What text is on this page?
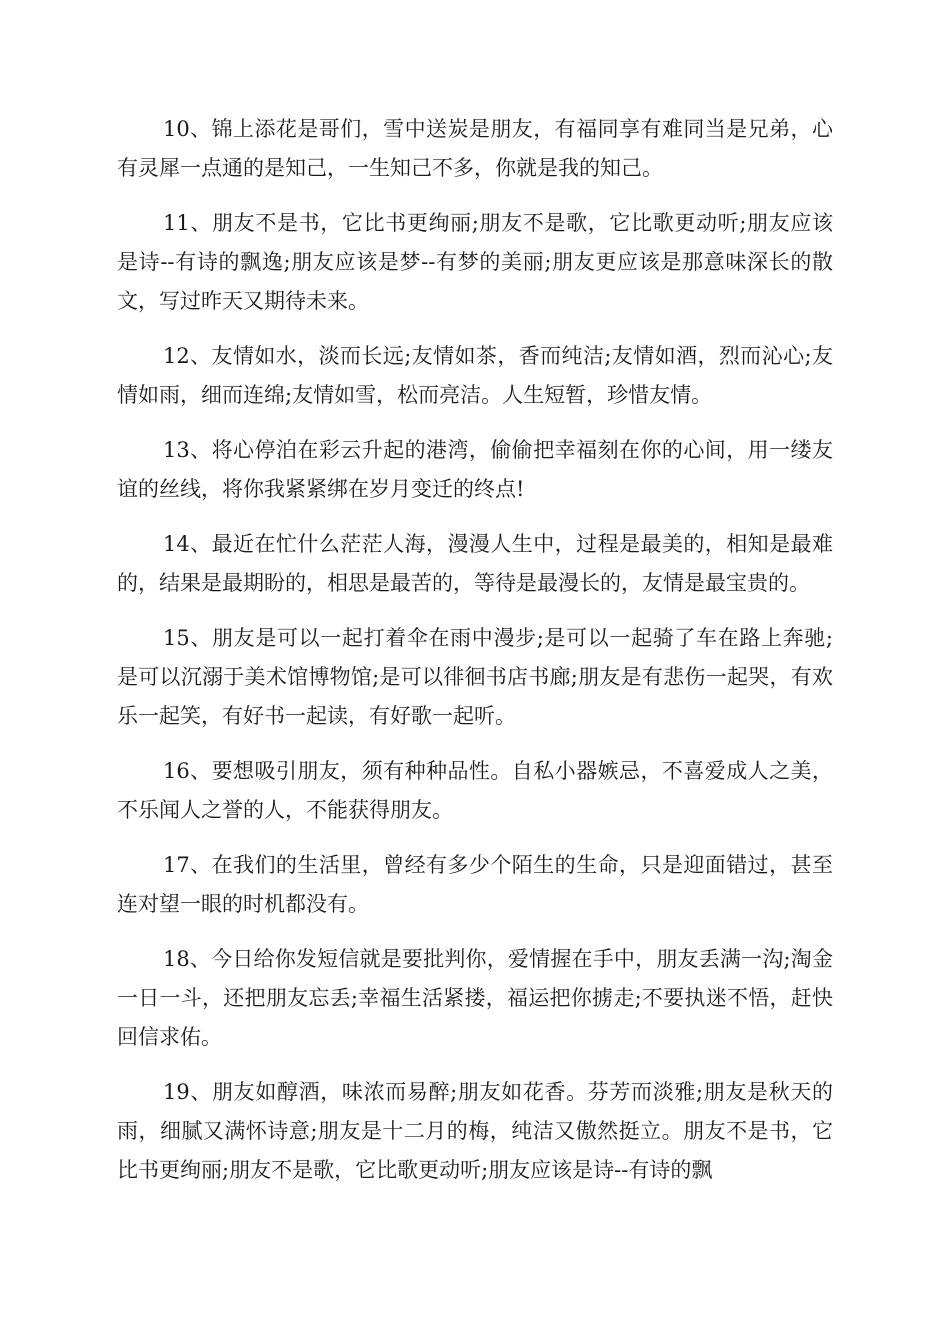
10、锦上添花是哥们，雪中送炭是朋友，有福同享有难同当是兄弟，心有灵犀一点通的是知己，一生知己不多，你就是我的知己。

11、朋友不是书，它比书更绚丽;朋友不是歌，它比歌更动听;朋友应该是诗--有诗的飘逸;朋友应该是梦--有梦的美丽;朋友更应该是那意味深长的散文，写过昨天又期待未来。

12、友情如水，淡而长远;友情如茶，香而纯洁;友情如酒，烈而沁心;友情如雨，细而连绵;友情如雪，松而亮洁。人生短暂，珍惜友情。

13、将心停泊在彩云升起的港湾，偷偷把幸福刻在你的心间，用一缕友谊的丝线，将你我紧紧绑在岁月变迁的终点!

14、最近在忙什么茫茫人海，漫漫人生中，过程是最美的，相知是最难的，结果是最期盼的，相思是最苦的，等待是最漫长的，友情是最宝贵的。

15、朋友是可以一起打着伞在雨中漫步;是可以一起骑了车在路上奔驰;是可以沉溺于美术馆博物馆;是可以徘徊书店书廊;朋友是有悲伤一起哭，有欢乐一起笑，有好书一起读，有好歌一起听。

16、要想吸引朋友，须有种种品性。自私小器嫉忌，不喜爱成人之美，不乐闻人之誉的人，不能获得朋友。

17、在我们的生活里，曾经有多少个陌生的生命，只是迎面错过，甚至连对望一眼的时机都没有。

18、今日给你发短信就是要批判你，爱情握在手中，朋友丢满一沟;淘金一日一斗，还把朋友忘丢;幸福生活紧搂，福运把你掳走;不要执迷不悟，赶快回信求佑。

19、朋友如醇酒，味浓而易醉;朋友如花香。芬芳而淡雅;朋友是秋天的雨，细腻又满怀诗意;朋友是十二月的梅，纯洁又傲然挺立。朋友不是书，它比书更绚丽;朋友不是歌，它比歌更动听;朋友应该是诗--有诗的飘
